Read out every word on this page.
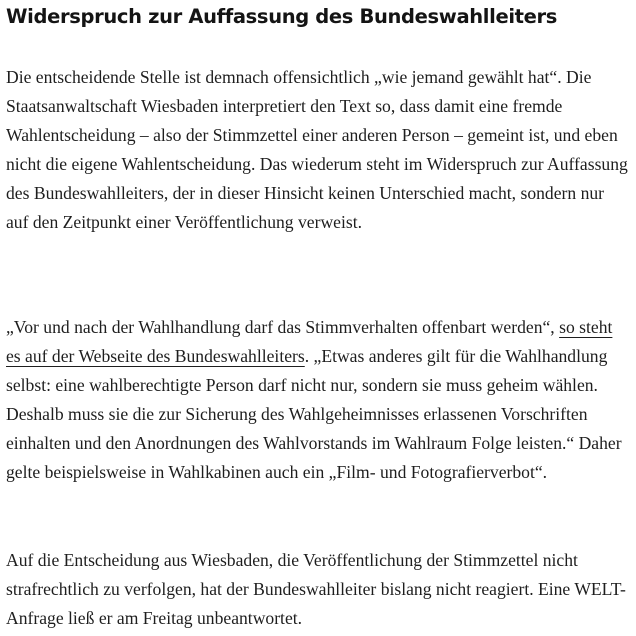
Widerspruch zur Auffassung des Bundeswahlleiters

Die entscheidende Stelle ist demnach offensichtlich „wie jemand gewählt hat“. Die Staatsanwaltschaft Wiesbaden interpretiert den Text so, dass damit eine fremde Wahlentscheidung – also der Stimmzettel einer anderen Person – gemeint ist, und eben nicht die eigene Wahlentscheidung. Das wiederum steht im Widerspruch zur Auffassung des Bundeswahlleiters, der in dieser Hinsicht keinen Unterschied macht, sondern nur auf den Zeitpunkt einer Veröffentlichung verweist.

„Vor und nach der Wahlhandlung darf das Stimmverhalten offenbart werden“, so steht es auf der Webseite des Bundeswahlleiters. „Etwas anderes gilt für die Wahlhandlung selbst: eine wahlberechtigte Person darf nicht nur, sondern sie muss geheim wählen. Deshalb muss sie die zur Sicherung des Wahlgeheimnisses erlassenen Vorschriften einhalten und den Anordnungen des Wahlvorstands im Wahlraum Folge leisten.“ Daher gelte beispielsweise in Wahlkabinen auch ein „Film- und Fotografierverbot“.

Auf die Entscheidung aus Wiesbaden, die Veröffentlichung der Stimmzettel nicht strafrechtlich zu verfolgen, hat der Bundeswahlleiter bislang nicht reagiert. Eine WELT-Anfrage ließ er am Freitag unbeantwortet.
